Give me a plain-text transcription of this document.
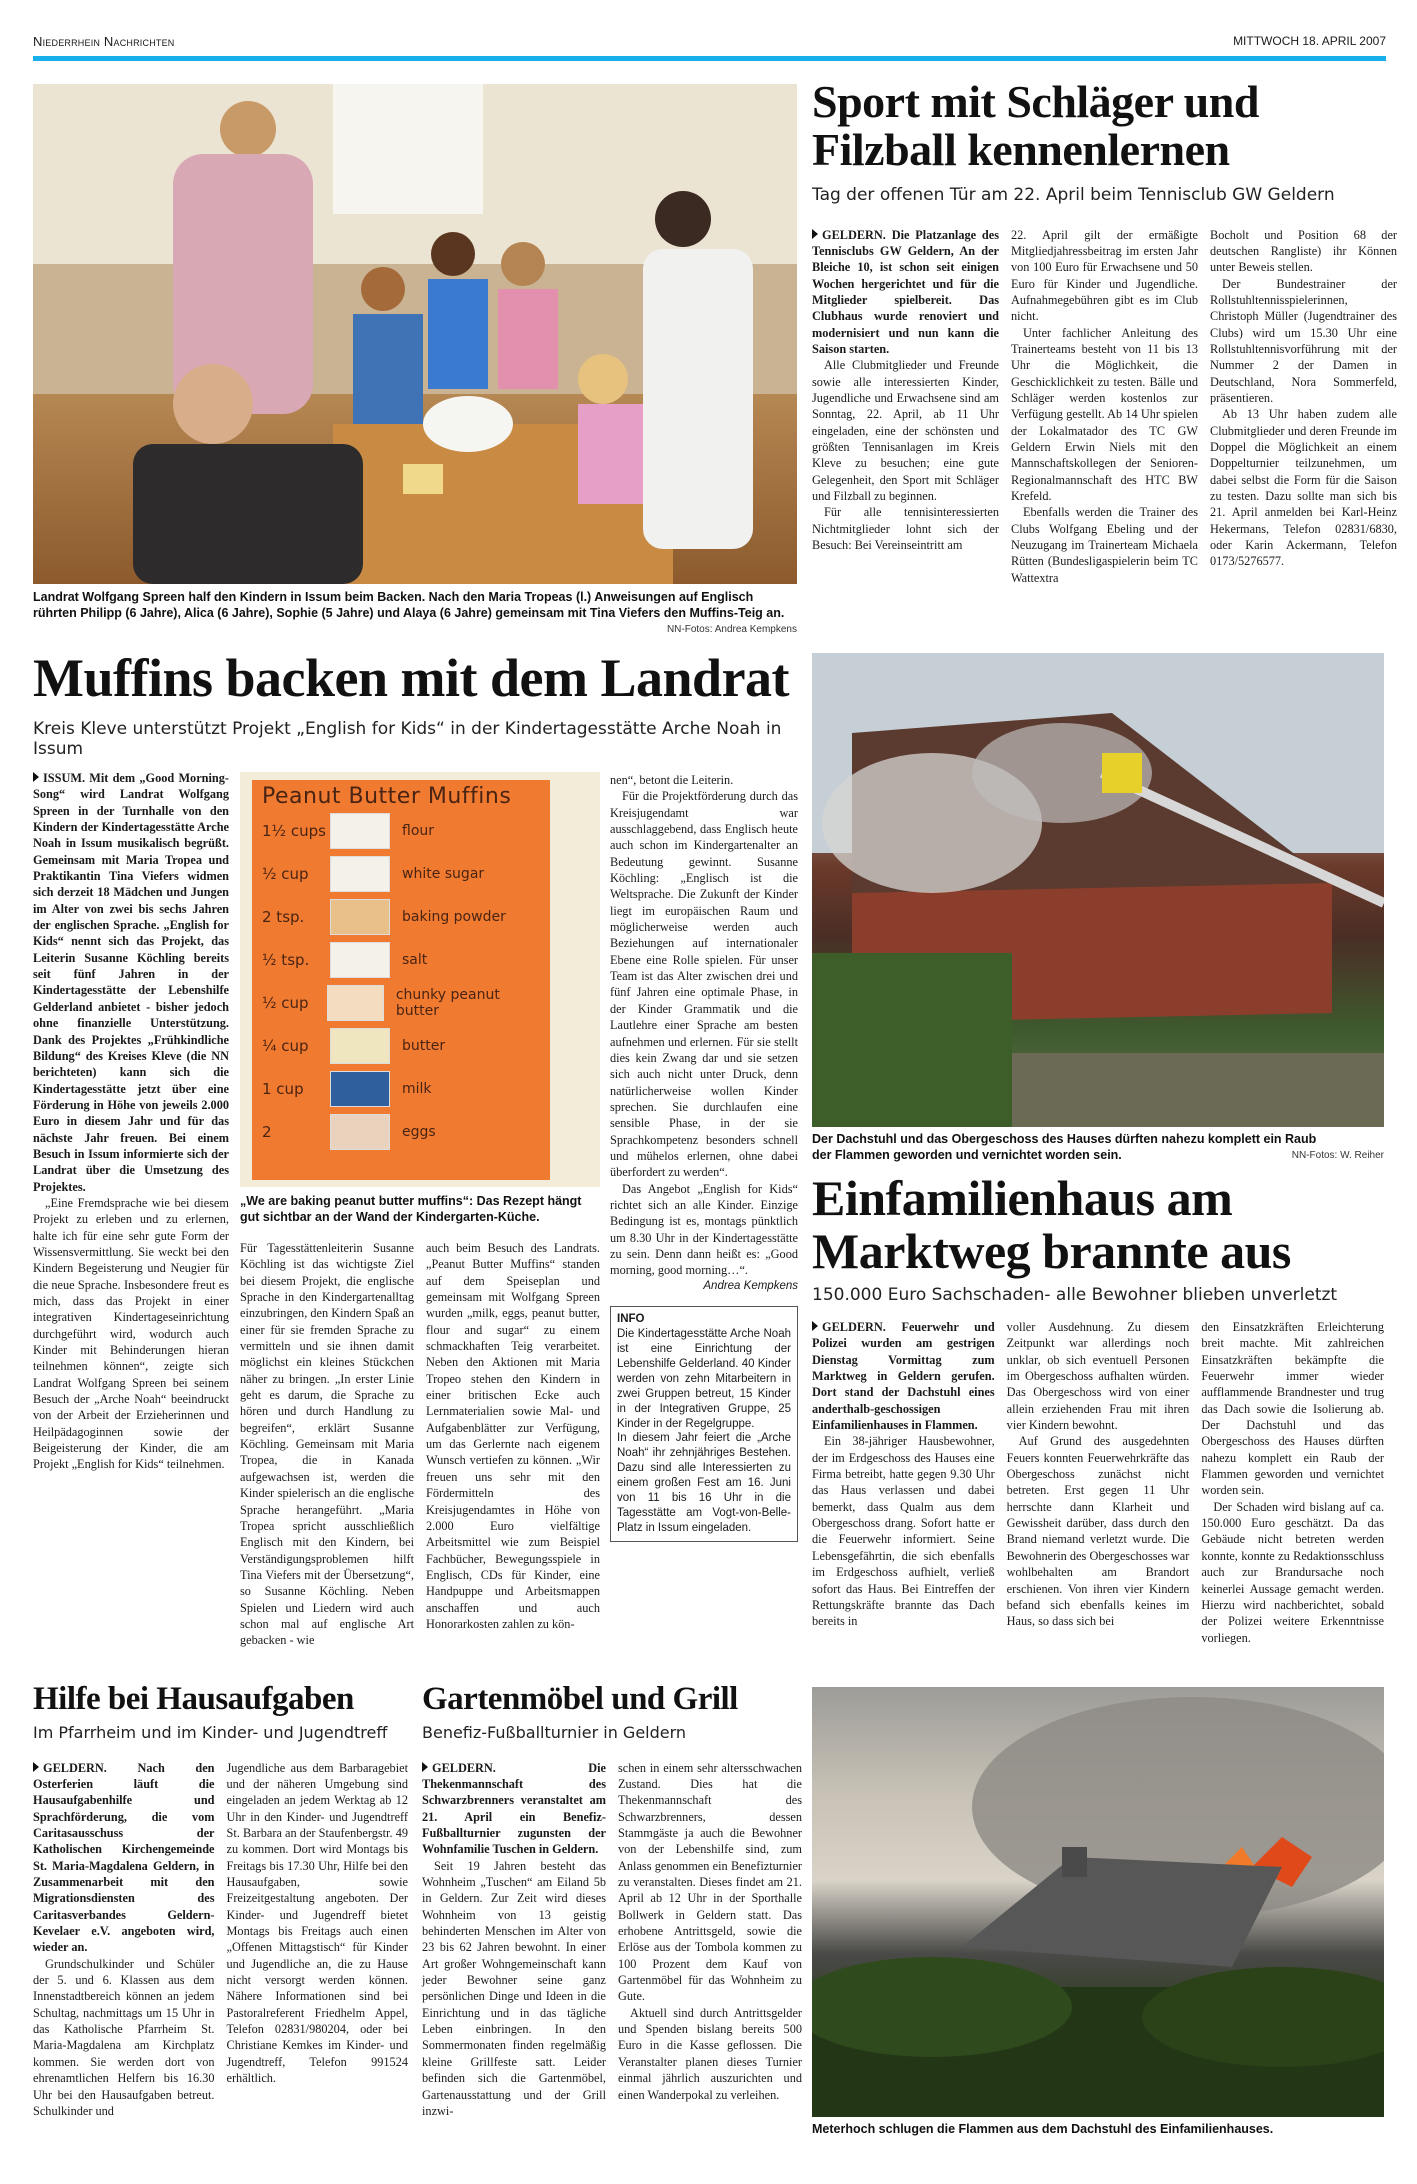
Niederrhein Nachrichten	MITTWOCH 18. APRIL 2007
Landrat Wolfgang Spreen half den Kindern in Issum beim Backen. Nach den Maria Tropeas (l.) Anweisungen auf Englisch rührten Philipp (6 Jahre), Alica (6 Jahre), Sophie (5 Jahre) und Alaya (6 Jahre) gemeinsam mit Tina Viefers den Muffins-Teig an.
NN-Fotos: Andrea Kempkens
Sport mit Schläger und Filzball kennenlernen
Tag der offenen Tür am 22. April beim Tennisclub GW Geldern

GELDERN. Die Platzanlage des Tennisclubs GW Geldern, An der Bleiche 10, ist schon seit einigen Wochen hergerichtet und für die Mitglieder spielbereit. Das Clubhaus wurde renoviert und modernisiert und nun kann die Saison starten.

Alle Clubmitglieder und Freunde sowie alle interessierten Kinder, Jugendliche und Erwachsene sind am Sonntag, 22. April, ab 11 Uhr eingeladen, eine der schönsten und größten Tennisanlagen im Kreis Kleve zu besuchen; eine gute Gelegenheit, den Sport mit Schläger und Filzball zu beginnen.

Für alle tennisinteressierten Nichtmitglieder lohnt sich der Besuch: Bei Vereinseintritt am

22. April gilt der ermäßigte Mitgliedjahressbeitrag im ersten Jahr von 100 Euro für Erwachsene und 50 Euro für Kinder und Jugendliche. Aufnahmegebühren gibt es im Club nicht.

Unter fachlicher Anleitung des Trainerteams besteht von 11 bis 13 Uhr die Möglichkeit, die Geschicklichkeit zu testen. Bälle und Schläger werden kostenlos zur Verfügung gestellt. Ab 14 Uhr spielen der Lokalmatador des TC GW Geldern Erwin Niels mit den Mannschaftskollegen der Senioren-Regionalmannschaft des HTC BW Krefeld.

Ebenfalls werden die Trainer des Clubs Wolfgang Ebeling und der Neuzugang im Trainerteam Michaela Rütten (Bundesligaspielerin beim TC Wattextra

Bocholt und Position 68 der deutschen Rangliste) ihr Können unter Beweis stellen.

Der Bundestrainer der Rollstuhltennisspielerinnen, Christoph Müller (Jugendtrainer des Clubs) wird um 15.30 Uhr eine Rollstuhltennisvorführung mit der Nummer 2 der Damen in Deutschland, Nora Sommerfeld, präsentieren.

Ab 13 Uhr haben zudem alle Clubmitglieder und deren Freunde im Doppel die Möglichkeit an einem Doppelturnier teilzunehmen, um dabei selbst die Form für die Saison zu testen. Dazu sollte man sich bis 21. April anmelden bei Karl-Heinz Hekermans, Telefon 02831/6830, oder Karin Ackermann, Telefon 0173/5276577.

Muffins backen mit dem Landrat
Kreis Kleve unterstützt Projekt „English for Kids“ in der Kindertagesstätte Arche Noah in Issum

ISSUM. Mit dem „Good Morning-Song“ wird Landrat Wolfgang Spreen in der Turnhalle von den Kindern der Kindertagesstätte Arche Noah in Issum musikalisch begrüßt. Gemeinsam mit Maria Tropea und Praktikantin Tina Viefers widmen sich derzeit 18 Mädchen und Jungen im Alter von zwei bis sechs Jahren der englischen Sprache. „English for Kids“ nennt sich das Projekt, das Leiterin Susanne Köchling bereits seit fünf Jahren in der Kindertagesstätte der Lebenshilfe Gelderland anbietet - bisher jedoch ohne finanzielle Unterstützung. Dank des Projektes „Frühkindliche Bildung“ des Kreises Kleve (die NN berichteten) kann sich die Kindertagesstätte jetzt über eine Förderung in Höhe von jeweils 2.000 Euro in diesem Jahr und für das nächste Jahr freuen. Bei einem Besuch in Issum informierte sich der Landrat über die Umsetzung des Projektes.

„Eine Fremdsprache wie bei diesem Projekt zu erleben und zu erlernen, halte ich für eine sehr gute Form der Wissensvermittlung. Sie weckt bei den Kindern Begeisterung und Neugier für die neue Sprache. Insbesondere freut es mich, dass das Projekt in einer integrativen Kindertageseinrichtung durchgeführt wird, wodurch auch Kinder mit Behinderungen hieran teilnehmen können“, zeigte sich Landrat Wolfgang Spreen bei seinem Besuch der „Arche Noah“ beeindruckt von der Arbeit der Erzieherinnen und Heilpädagoginnen sowie der Beigeisterung der Kinder, die am Projekt „English for Kids“ teilnehmen.

Peanut Butter Muffins
1½ cups	flour
½ cup	white sugar
2 tsp.	baking powder
½ tsp.	salt
½ cup	chunky peanut butter
¼ cup	butter
1 cup	milk
2	eggs
„We are baking peanut butter muffins“: Das Rezept hängt gut sichtbar an der Wand der Kindergarten-Küche.

Für Tagesstättenleiterin Susanne Köchling ist das wichtigste Ziel bei diesem Projekt, die englische Sprache in den Kindergartenalltag einzubringen, den Kindern Spaß an einer für sie fremden Sprache zu vermitteln und sie ihnen damit möglichst ein kleines Stückchen näher zu bringen. „In erster Linie geht es darum, die Sprache zu hören und durch Handlung zu begreifen“, erklärt Susanne Köchling. Gemeinsam mit Maria Tropea, die in Kanada aufgewachsen ist, werden die Kinder spielerisch an die englische Sprache herangeführt. „Maria Tropea spricht ausschließlich Englisch mit den Kindern, bei Verständigungsproblemen hilft Tina Viefers mit der Übersetzung“, so Susanne Köchling. Neben Spielen und Liedern wird auch schon mal auf englische Art gebacken - wie

auch beim Besuch des Landrats. „Peanut Butter Muffins“ standen auf dem Speiseplan und gemeinsam mit Wolfgang Spreen wurden „milk, eggs, peanut butter, flour and sugar“ zu einem schmackhaften Teig verarbeitet. Neben den Aktionen mit Maria Tropeo stehen den Kindern in einer britischen Ecke auch Lernmaterialien sowie Mal- und Aufgabenblätter zur Verfügung, um das Gerlernte nach eigenem Wunsch vertiefen zu können. „Wir freuen uns sehr mit den Fördermitteln des Kreisjugendamtes in Höhe von 2.000 Euro vielfältige Arbeitsmittel wie zum Beispiel Fachbücher, Bewegungsspiele in Englisch, CDs für Kinder, eine Handpuppe und Arbeitsmappen anschaffen und auch Honorarkosten zahlen zu kön-

nen“, betont die Leiterin.

Für die Projektförderung durch das Kreisjugendamt war ausschlaggebend, dass Englisch heute auch schon im Kindergartenalter an Bedeutung gewinnt. Susanne Köchling: „Englisch ist die Weltsprache. Die Zukunft der Kinder liegt im europäischen Raum und möglicherweise werden auch Beziehungen auf internationaler Ebene eine Rolle spielen. Für unser Team ist das Alter zwischen drei und fünf Jahren eine optimale Phase, in der Kinder Grammatik und die Lautlehre einer Sprache am besten aufnehmen und erlernen. Für sie stellt dies kein Zwang dar und sie setzen sich auch nicht unter Druck, denn natürlicherweise wollen Kinder sprechen. Sie durchlaufen eine sensible Phase, in der sie Sprachkompetenz besonders schnell und mühelos erlernen, ohne dabei überfordert zu werden“.

Das Angebot „English for Kids“ richtet sich an alle Kinder. Einzige Bedingung ist es, montags pünktlich um 8.30 Uhr in der Kindertagesstätte zu sein. Denn dann heißt es: „Good morning, good morning…“.

Andrea Kempkens
INFO
Die Kindertagesstätte Arche Noah ist eine Einrichtung der Lebenshilfe Gelderland. 40 Kinder werden von zehn Mitarbeitern in zwei Gruppen betreut, 15 Kinder in der Integrativen Gruppe, 25 Kinder in der Regelgruppe.
In diesem Jahr feiert die „Arche Noah“ ihr zehnjähriges Bestehen. Dazu sind alle Interessierten zu einem großen Fest am 16. Juni von 11 bis 16 Uhr in die Tagesstätte am Vogt-von-Belle-Platz in Issum eingeladen.
Der Dachstuhl und das Obergeschoss des Hauses dürften nahezu komplett ein Raub der Flammen geworden und vernichtet worden sein.	NN-Fotos: W. Reiher
Einfamilienhaus am Marktweg brannte aus
150.000 Euro Sachschaden- alle Bewohner blieben unverletzt

GELDERN. Feuerwehr und Polizei wurden am gestrigen Dienstag Vormittag zum Marktweg in Geldern gerufen. Dort stand der Dachstuhl eines anderthalb-geschossigen Einfamilienhauses in Flammen.

Ein 38-jähriger Hausbewohner, der im Erdgeschoss des Hauses eine Firma betreibt, hatte gegen 9.30 Uhr das Haus verlassen und dabei bemerkt, dass Qualm aus dem Obergeschoss drang. Sofort hatte er die Feuerwehr informiert. Seine Lebensgefährtin, die sich ebenfalls im Erdgeschoss aufhielt, verließ sofort das Haus. Bei Eintreffen der Rettungskräfte brannte das Dach bereits in

voller Ausdehnung. Zu diesem Zeitpunkt war allerdings noch unklar, ob sich eventuell Personen im Obergeschoss aufhalten würden. Das Obergeschoss wird von einer allein erziehenden Frau mit ihren vier Kindern bewohnt.

Auf Grund des ausgedehnten Feuers konnten Feuerwehrkräfte das Obergeschoss zunächst nicht betreten. Erst gegen 11 Uhr herrschte dann Klarheit und Gewissheit darüber, dass durch den Brand niemand verletzt wurde. Die Bewohnerin des Obergeschosses war wohlbehalten am Brandort erschienen. Von ihren vier Kindern befand sich ebenfalls keines im Haus, so dass sich bei

den Einsatzkräften Erleichterung breit machte. Mit zahlreichen Einsatzkräften bekämpfte die Feuerwehr immer wieder aufflammende Brandnester und trug das Dach sowie die Isolierung ab. Der Dachstuhl und das Obergeschoss des Hauses dürften nahezu komplett ein Raub der Flammen geworden und vernichtet worden sein.

Der Schaden wird bislang auf ca. 150.000 Euro geschätzt. Da das Gebäude nicht betreten werden konnte, konnte zu Redaktionsschluss auch zur Brandursache noch keinerlei Aussage gemacht werden. Hierzu wird nachberichtet, sobald der Polizei weitere Erkenntnisse vorliegen.

Meterhoch schlugen die Flammen aus dem Dachstuhl des Einfamilienhauses.
Hilfe bei Hausaufgaben
Im Pfarrheim und im Kinder- und Jugendtreff

GELDERN. Nach den Osterferien läuft die Hausaufgabenhilfe und Sprachförderung, die vom Caritasausschuss der Katholischen Kirchengemeinde St. Maria-Magdalena Geldern, in Zusammenarbeit mit den Migrationsdiensten des Caritasverbandes Geldern-Kevelaer e.V. angeboten wird, wieder an.

Grundschulkinder und Schüler der 5. und 6. Klassen aus dem Innenstadtbereich können an jedem Schultag, nachmittags um 15 Uhr in das Katholische Pfarrheim St. Maria-Magdalena am Kirchplatz kommen. Sie werden dort von ehrenamtlichen Helfern bis 16.30 Uhr bei den Hausaufgaben betreut. Schulkinder und

Jugendliche aus dem Barbaragebiet und der näheren Umgebung sind eingeladen an jedem Werktag ab 12 Uhr in den Kinder- und Jugendtreff St. Barbara an der Staufenbergstr. 49 zu kommen. Dort wird Montags bis Freitags bis 17.30 Uhr, Hilfe bei den Hausaufgaben, sowie Freizeitgestaltung angeboten. Der Kinder- und Jugendreff bietet Montags bis Freitags auch einen „Offenen Mittagstisch“ für Kinder und Jugendliche an, die zu Hause nicht versorgt werden können. Nähere Informationen sind bei Pastoralreferent Friedhelm Appel, Telefon 02831/980204, oder bei Christiane Kemkes im Kinder- und Jugendtreff, Telefon 991524 erhältlich.

Gartenmöbel und Grill
Benefiz-Fußballturnier in Geldern

GELDERN. Die Thekenmannschaft des Schwarzbrenners veranstaltet am 21. April ein Benefiz-Fußballturnier zugunsten der Wohnfamilie Tuschen in Geldern.

Seit 19 Jahren besteht das Wohnheim „Tuschen“ am Eiland 5b in Geldern. Zur Zeit wird dieses Wohnheim von 13 geistig behinderten Menschen im Alter von 23 bis 62 Jahren bewohnt. In einer Art großer Wohngemeinschaft kann jeder Bewohner seine ganz persönlichen Dinge und Ideen in die Einrichtung und in das tägliche Leben einbringen. In den Sommermonaten finden regelmäßig kleine Grillfeste satt. Leider befinden sich die Gartenmöbel, Gartenausstattung und der Grill inzwi-

schen in einem sehr altersschwachen Zustand. Dies hat die Thekenmannschaft des Schwarzbrenners, dessen Stammgäste ja auch die Bewohner von der Lebenshilfe sind, zum Anlass genommen ein Benefizturnier zu veranstalten. Dieses findet am 21. April ab 12 Uhr in der Sporthalle Bollwerk in Geldern statt. Das erhobene Antrittsgeld, sowie die Erlöse aus der Tombola kommen zu 100 Prozent dem Kauf von Gartenmöbel für das Wohnheim zu Gute.

Aktuell sind durch Antrittsgelder und Spenden bislang bereits 500 Euro in die Kasse geflossen. Die Veranstalter planen dieses Turnier einmal jährlich auszurichten und einen Wanderpokal zu verleihen.
